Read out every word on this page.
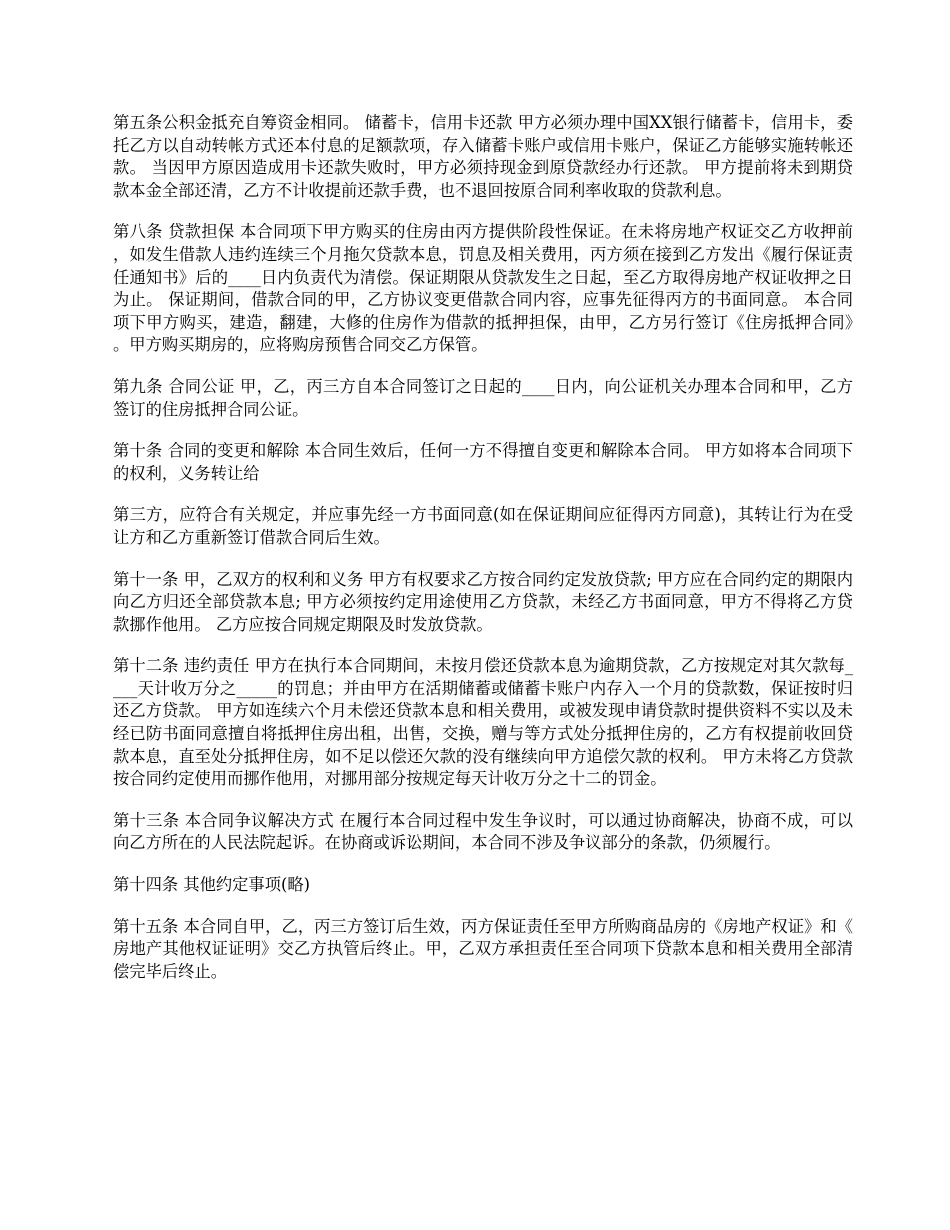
第五条公积金抵充自筹资金相同。 储蓄卡，信用卡还款 甲方必须办理中国XX银行储蓄卡，信用卡，委托乙方以自动转帐方式还本付息的足额款项，存入储蓄卡账户或信用卡账户，保证乙方能够实施转帐还款。 当因甲方原因造成用卡还款失败时，甲方必须持现金到原贷款经办行还款。 甲方提前将未到期贷款本金全部还清，乙方不计收提前还款手费，也不退回按原合同利率收取的贷款利息。

第八条 贷款担保 本合同项下甲方购买的住房由丙方提供阶段性保证。在未将房地产权证交乙方收押前，如发生借款人违约连续三个月拖欠贷款本息，罚息及相关费用，丙方须在接到乙方发出《履行保证责任通知书》后的____日内负责代为清偿。保证期限从贷款发生之日起，至乙方取得房地产权证收押之日为止。 保证期间，借款合同的甲，乙方协议变更借款合同内容，应事先征得丙方的书面同意。 本合同项下甲方购买，建造，翻建，大修的住房作为借款的抵押担保，由甲，乙方另行签订《住房抵押合同》。甲方购买期房的，应将购房预售合同交乙方保管。

第九条 合同公证 甲，乙，丙三方自本合同签订之日起的____日内，向公证机关办理本合同和甲，乙方签订的住房抵押合同公证。

第十条 合同的变更和解除 本合同生效后，任何一方不得擅自变更和解除本合同。 甲方如将本合同项下的权利，义务转让给

第三方，应符合有关规定，并应事先经一方书面同意(如在保证期间应征得丙方同意)，其转让行为在受让方和乙方重新签订借款合同后生效。

第十一条 甲，乙双方的权利和义务 甲方有权要求乙方按合同约定发放贷款; 甲方应在合同约定的期限内向乙方归还全部贷款本息; 甲方必须按约定用途使用乙方贷款，未经乙方书面同意，甲方不得将乙方贷款挪作他用。 乙方应按合同规定期限及时发放贷款。

第十二条 违约责任 甲方在执行本合同期间，未按月偿还贷款本息为逾期贷款，乙方按规定对其欠款每____天计收万分之_____的罚息；并由甲方在活期储蓄或储蓄卡账户内存入一个月的贷款数，保证按时归还乙方贷款。 甲方如连续六个月未偿还贷款本息和相关费用，或被发现申请贷款时提供资料不实以及未经已防书面同意擅自将抵押住房出租，出售，交换，赠与等方式处分抵押住房的，乙方有权提前收回贷款本息，直至处分抵押住房，如不足以偿还欠款的没有继续向甲方追偿欠款的权利。 甲方未将乙方贷款按合同约定使用而挪作他用，对挪用部分按规定每天计收万分之十二的罚金。

第十三条 本合同争议解决方式 在履行本合同过程中发生争议时，可以通过协商解决，协商不成，可以向乙方所在的人民法院起诉。在协商或诉讼期间，本合同不涉及争议部分的条款，仍须履行。

第十四条 其他约定事项(略)

第十五条 本合同自甲，乙，丙三方签订后生效，丙方保证责任至甲方所购商品房的《房地产权证》和《房地产其他权证证明》交乙方执管后终止。甲，乙双方承担责任至合同项下贷款本息和相关费用全部清偿完毕后终止。
